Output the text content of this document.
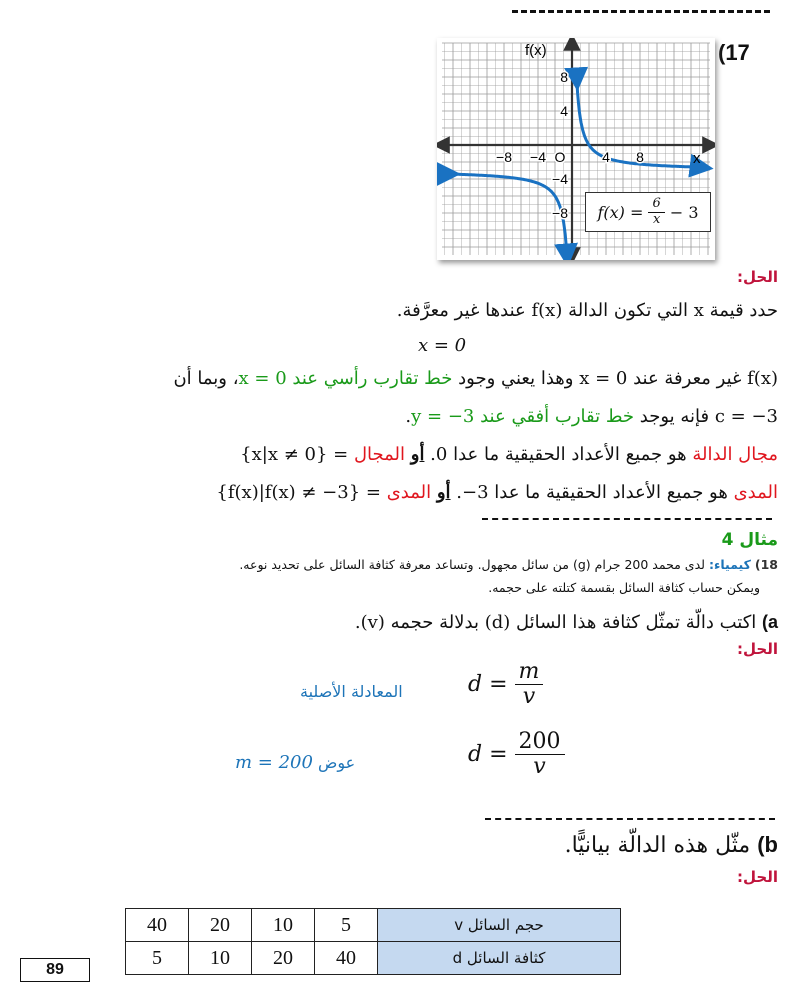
(17
−8 −4 O	4 8
8
4
−4
−8
f(x)
x
f(x) =
$\frac{6}{x}$
− 3
الحل:
حدد قيمة x التي تكون الدالة f(x) عندها غير معرَّفة.
x = 0
f(x) غير معرفة عند 0 = x وهذا يعني وجود خط تقارب رأسي عند 0 = x، وبما أن
c = −3 فإنه يوجد خط تقارب أفقي عند 3− = y.
مجال الدالة هو جميع الأعداد الحقيقية ما عدا 0. أو المجال = {x|x ≠ 0}
المدى هو جميع الأعداد الحقيقية ما عدا 3−. أو المدى = {f(x)|f(x) ≠ −3}
مثال 4
18) كيمياء: لدى محمد 200 جرام (g) من سائل مجهول. وتساعد معرفة كثافة السائل على تحديد نوعه.
ويمكن حساب كثافة السائل بقسمة كتلته على حجمه.
a) اكتب دالّة تمثّل كثافة هذا السائل (d) بدلالة حجمه (v).
الحل:
d =
$\frac{m}{v}$
المعادلة الأصلية
d =
$\frac{200}{v}$
عوض m = 200
b) مثّل هذه الدالّة بيانيًّا.
الحل:
40	20	10	5	حجم السائل v
5	10	20	40	كثافة السائل d
89
